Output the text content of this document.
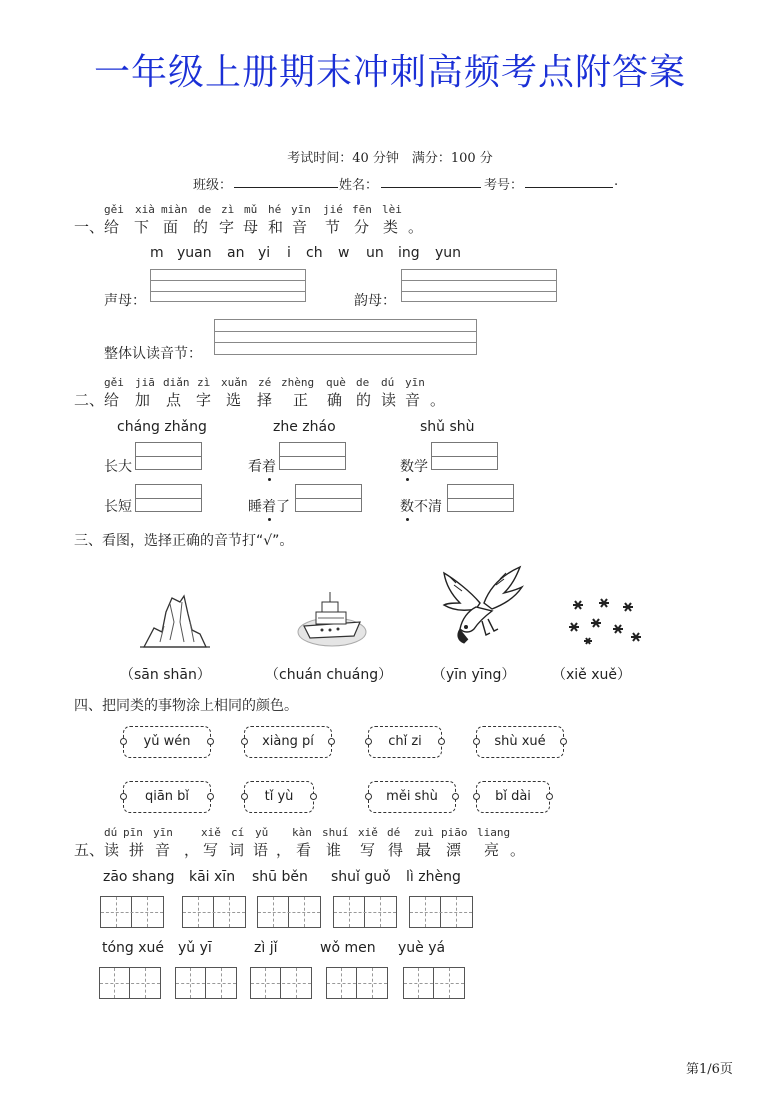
一年级上册期末冲刺高频考点附答案
考试时间：40 分钟　满分：100 分
班级：	姓名：	考号：	.
gěi xià miàn de zì mǔ hé yīn jié fēn lèi
一、 给 下 面 的 字 母 和 音 节 分 类 。
m yuan an yi i ch w un ing yun
声母：	韵母：
整体认读音节：
gěi jiā diǎn zì xuǎn zé zhèng què de dú yīn
二、 给 加 点 字 选 择 正 确 的 读 音 。
cháng zhǎng
长大
长短
zhe zháo
看着
睡着了
shǔ shù
数学
数不清
三、看图，选择正确的音节打“√”。
（sān shān）	（chuán chuáng）	（yīn yīng）	（xiě xuě）
四、把同类的事物涂上相同的颜色。
yǔ wén	xiàng pí	chǐ zi	shù xué
qiān bǐ	tǐ yù	měi shù	bǐ dài
dú pīn yīn	xiě cí yǔ kàn shuí xiě dé zuì piāo liang
五、 读 拼 音 ， 写 词 语 ， 看 谁 写 得 最 漂 亮 。
zāo shang kāi xīn shū běn shuǐ guǒ lì zhèng
tóng xué yǔ yī	zì jǐ	wǒ men yuè yá
第1/6页
